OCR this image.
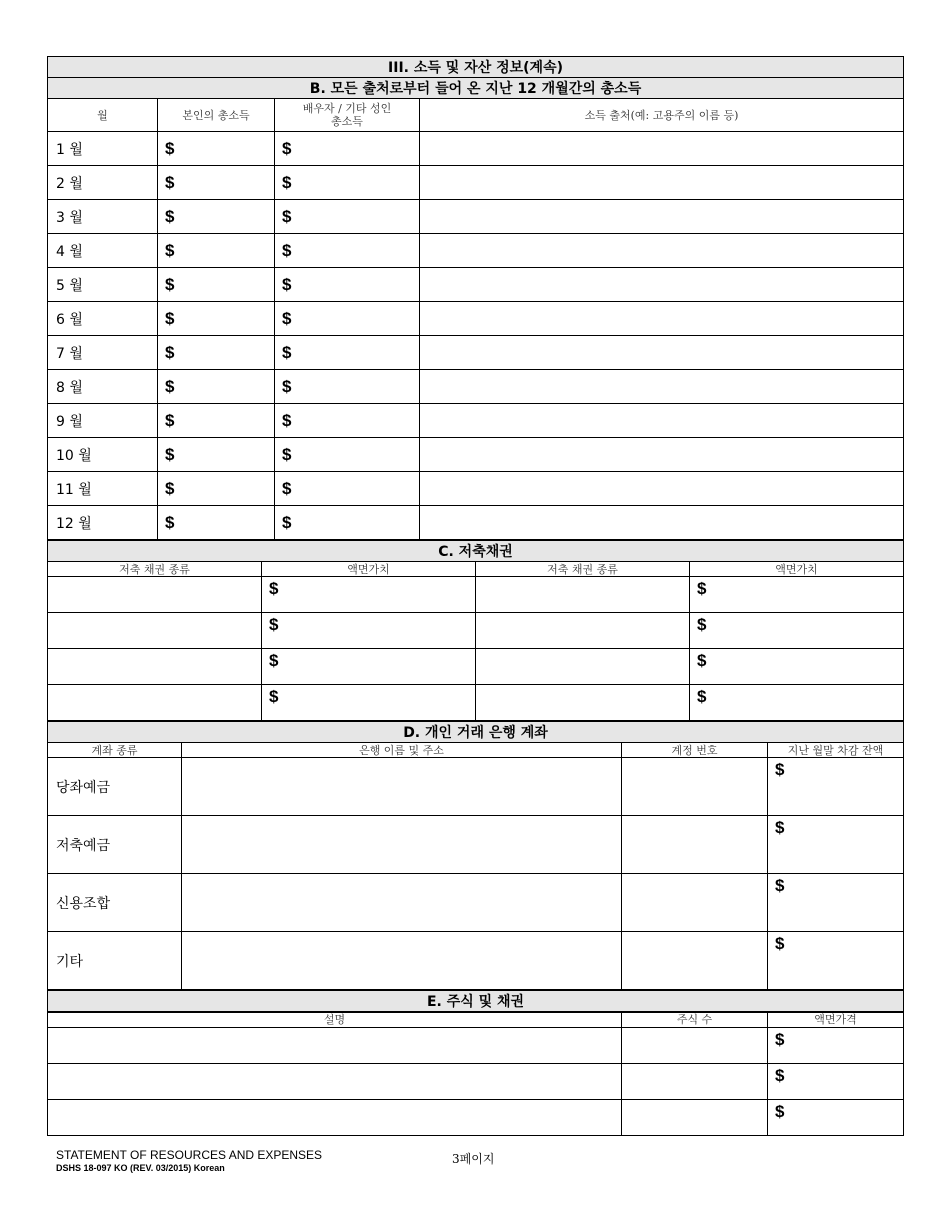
III. 소득 및 자산 정보(계속)			
B. 모든 출처로부터 들어 온 지난 12 개월간의 총소득			
월	본인의 총소득	배우자 / 기타 성인
총소득	소득 출처(예: 고용주의 이름 등)
1 월	$	$	
2 월	$	$	
3 월	$	$	
4 월	$	$	
5 월	$	$	
6 월	$	$	
7 월	$	$	
8 월	$	$	
9 월	$	$	
10 월	$	$	
11 월	$	$	
12 월	$	$	
C. 저축채권			
저축 채권 종류	액면가치	저축 채권 종류	액면가치
	$		$
	$		$
	$		$
	$		$
D. 개인 거래 은행 계좌			
계좌 종류	은행 이름 및 주소	계정 번호	지난 월말 차감 잔액
당좌예금			$
저축예금			$
신용조합			$
기타			$
E. 주식 및 채권		
설명	주식 수	액면가격
		$
		$
		$
STATEMENT OF RESOURCES AND EXPENSES
DSHS 18-097 KO (REV. 03/2015) Korean
3페이지
